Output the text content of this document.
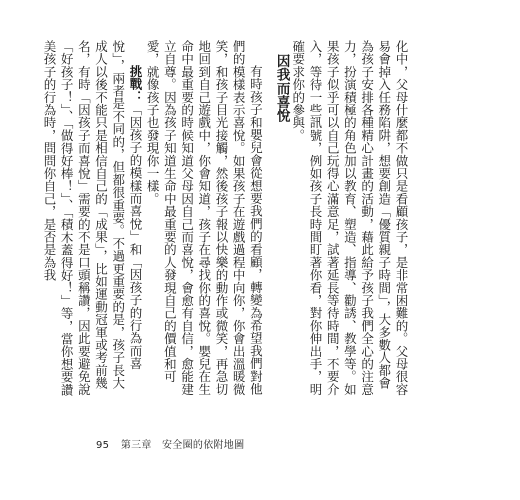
化中，父母什麼都不做只是看顧孩子，是非常困難的。父母很容易會掉入任務陷阱，想要創造「優質親子時間」，大多數人都會為孩子安排各種精心計畫的活動，藉此給予孩子我們全心的注意力，扮演積極的角色加以教育、塑造、指導、勸誘、教學等。如果孩子似乎可以自己玩得心滿意足，試著延長等待時間，不要介入，等待一些訊號，例如孩子長時間盯著你看，對你伸出手，明確要求你的參與。

因我而喜悅

有時孩子和嬰兒會從想要我們的看顧，轉變為希望我們對他們的模樣表示喜悅。如果孩子在遊戲過程中向你，你會出溫暖微笑，和孩子目光接觸，然後孩子報以快樂的動作或微笑，再急切地回到自己遊戲中，你會知道，孩子在尋找你的喜悅。嬰兒在生命中最重要的時候知道父母因自己而喜悅，會愈有自信，愈能建立自尊。因為孩子知道生命中最重要的人發現自己的價值和可愛，就像孩子也發現你一樣。

挑戰：「因孩子的模樣而喜悅」和「因孩子的行為而喜悅」，兩者是不同的，但都很重要。不過更重要的是，孩子長大成人以後不能只是相信自己的「成果」，比如運動冠軍或考前幾名，有時「因孩子而喜悅」需要的不是口頭稱讚，因此要避免說「好孩子！」、「做得好棒！」、「積木蓋得好！」等，當你想要讚美孩子的行為時，問問你自己，是否是為我

95 第三章　安全圈的依附地圖
